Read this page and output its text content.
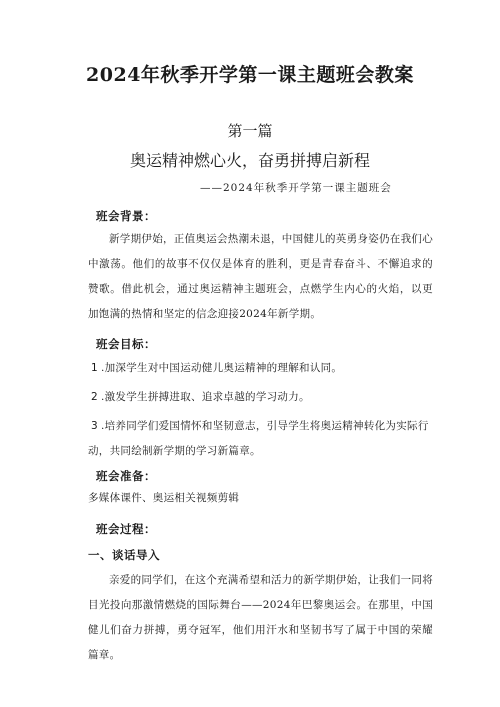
2024年秋季开学第一课主题班会教案
第一篇
奥运精神燃心火，奋勇拼搏启新程
——2024年秋季开学第一课主题班会
班会背景：
新学期伊始，正值奥运会热潮未退，中国健儿的英勇身姿仍在我们心中激荡。他们的故事不仅仅是体育的胜利，更是青春奋斗、不懈追求的赞歌。借此机会，通过奥运精神主题班会，点燃学生内心的火焰，以更加饱满的热情和坚定的信念迎接2024年新学期。
班会目标：
1 .加深学生对中国运动健儿奥运精神的理解和认同。
2 .激发学生拼搏进取、追求卓越的学习动力。
3 .培养同学们爱国情怀和坚韧意志，引导学生将奥运精神转化为实际行动，共同绘制新学期的学习新篇章。
班会准备：
多媒体课件、奥运相关视频剪辑
班会过程：
一、谈话导入
亲爱的同学们，在这个充满希望和活力的新学期伊始，让我们一同将目光投向那激情燃烧的国际舞台——2024年巴黎奥运会。在那里，中国健儿们奋力拼搏，勇夺冠军，他们用汗水和坚韧书写了属于中国的荣耀篇章。
